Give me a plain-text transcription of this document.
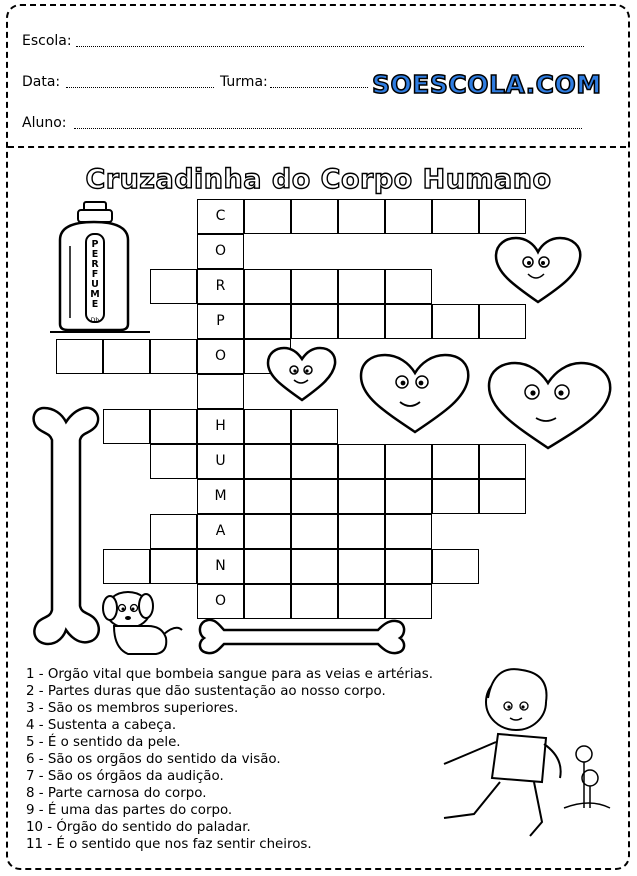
Escola:
Data:	Turma:	SOESCOLA.COM
Aluno:
Cruzadinha do Corpo Humano
C
O
R
P
O
H
U
M
A
N
O
Db
PERFUME
1 - Orgão vital que bombeia sangue para as veias e artérias.
2 - Partes duras que dão sustentação ao nosso corpo.
3 - São os membros superiores.
4 - Sustenta a cabeça.
5 - É o sentido da pele.
6 - São os orgãos do sentido da visão.
7 - São os órgãos da audição.
8 - Parte carnosa do corpo.
9 - É uma das partes do corpo.
10 - Órgão do sentido do paladar.
11 - É o sentido que nos faz sentir cheiros.
